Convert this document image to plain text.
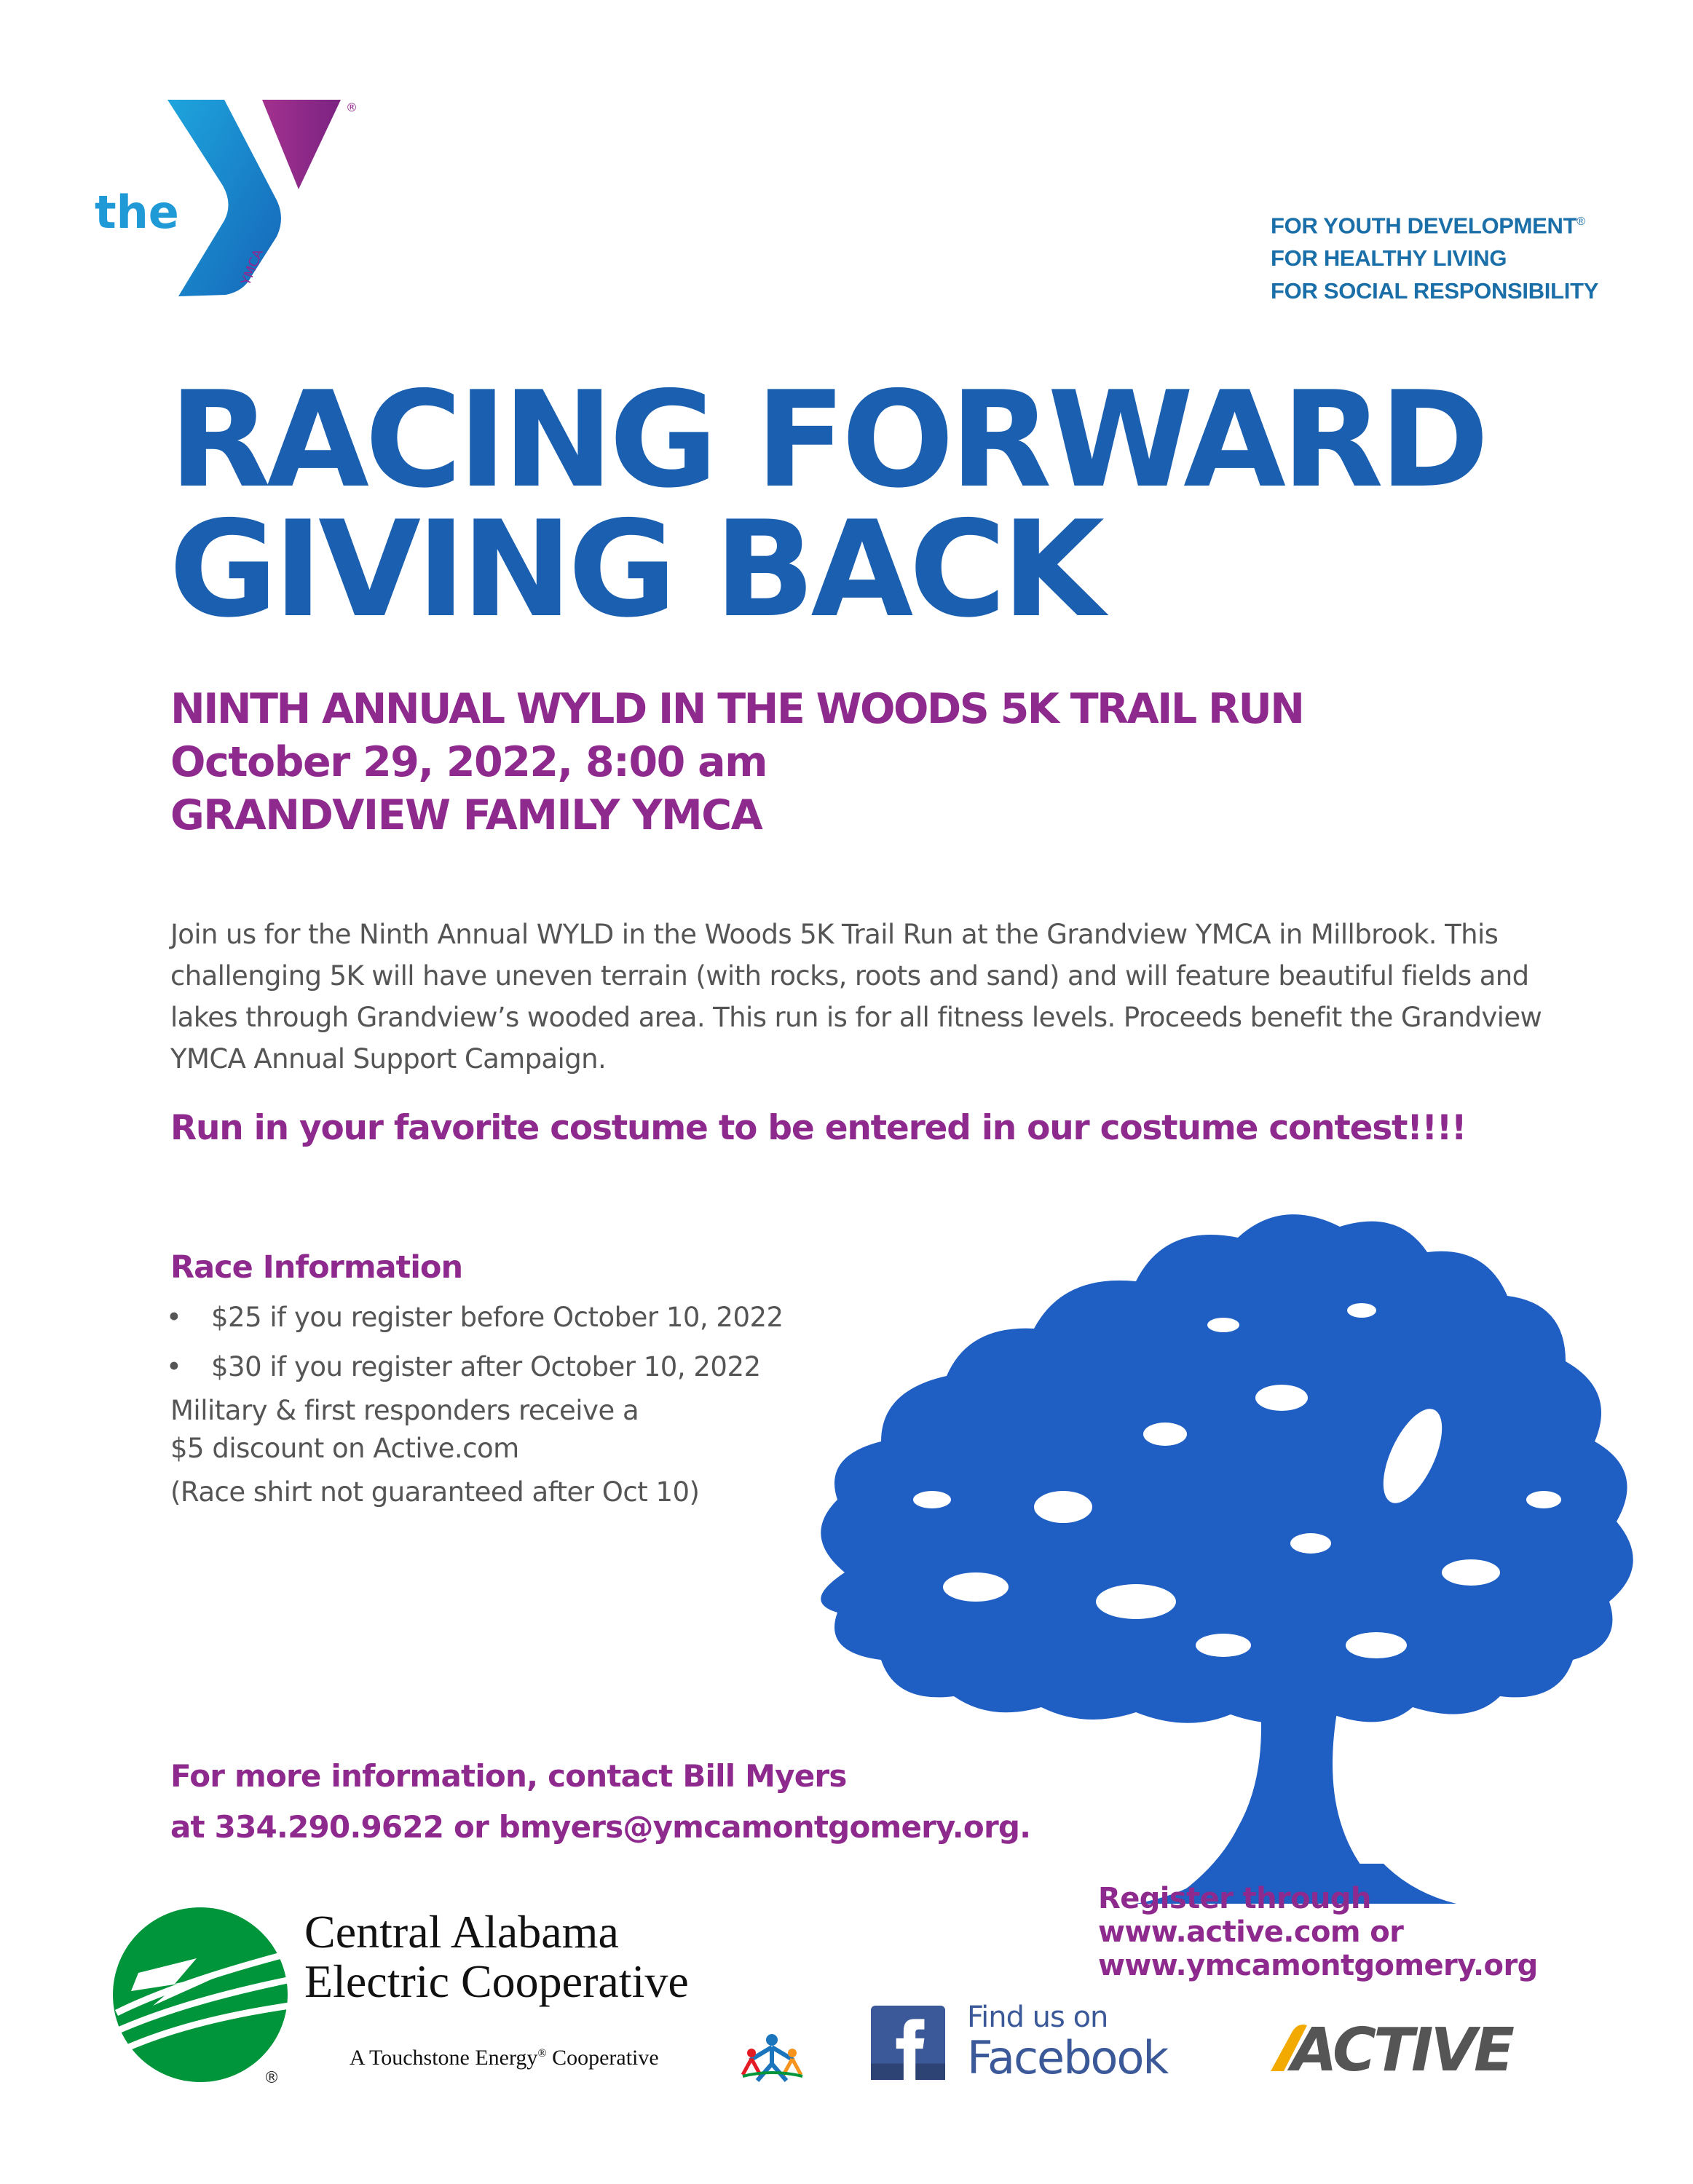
the
YMCA
®
FOR YOUTH DEVELOPMENT®
FOR HEALTHY LIVING
FOR SOCIAL RESPONSIBILITY
RACING FORWARD
GIVING BACK
NINTH ANNUAL WYLD IN THE WOODS 5K TRAIL RUN
October 29, 2022, 8:00 am
GRANDVIEW FAMILY YMCA
Join us for the Ninth Annual WYLD in the Woods 5K Trail Run at the Grandview YMCA in Millbrook. This challenging 5K will have uneven terrain (with rocks, roots and sand) and will feature beautiful fields and lakes through Grandview’s wooded area. This run is for all fitness levels. Proceeds benefit the Grandview YMCA Annual Support Campaign.
Run in your favorite costume to be entered in our costume contest!!!!
Race Information
• $25 if you register before October 10, 2022
• $30 if you register after October 10, 2022
Military & first responders receive a
$5 discount on Active.com
(Race shirt not guaranteed after Oct 10)
For more information, contact Bill Myers
at 334.290.9622 or bmyers@ymcamontgomery.org.
Register through
www.active.com or
www.ymcamontgomery.org
®
Central Alabama
Electric Cooperative
A Touchstone Energy® Cooperative
Find us on
Facebook ACTIVE
